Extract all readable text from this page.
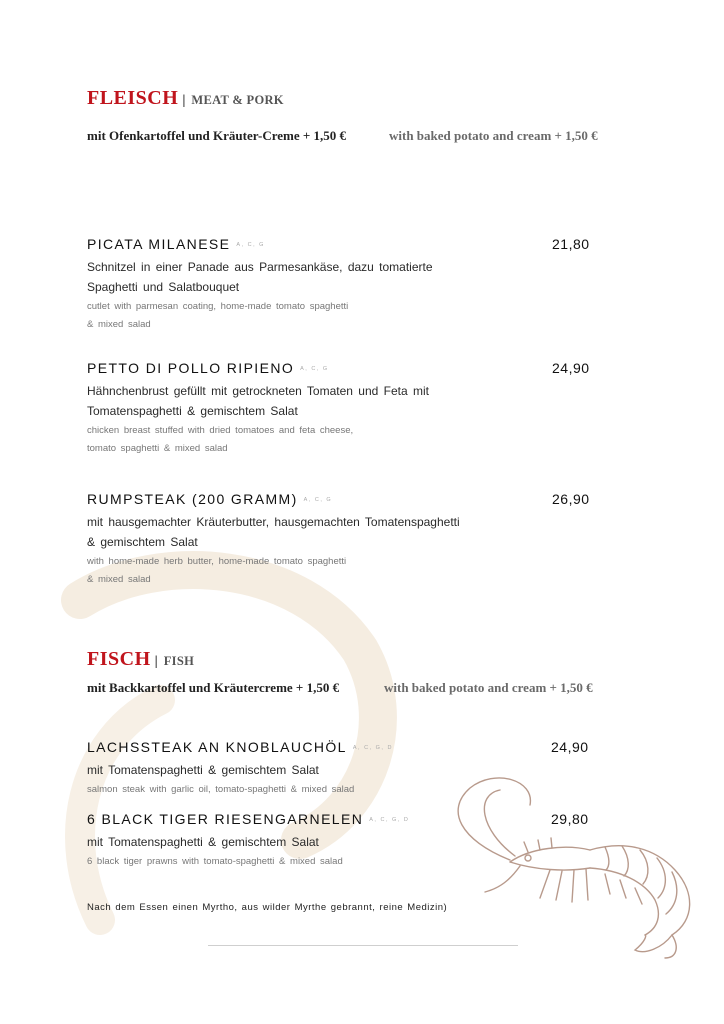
FLEISCH | MEAT & PORK
mit Ofenkartoffel und Kräuter-Creme + 1,50 €	with baked potato and cream + 1,50 €
PICATA MILANESE A, C, G	21,80
Schnitzel in einer Panade aus Parmesankäse, dazu tomatierte
Spaghetti und Salatbouquet
cutlet with parmesan coating, home-made tomato spaghetti
& mixed salad
PETTO DI POLLO RIPIENO A, C, G	24,90
Hähnchenbrust gefüllt mit getrockneten Tomaten und Feta mit
Tomatenspaghetti & gemischtem Salat
chicken breast stuffed with dried tomatoes and feta cheese,
tomato spaghetti & mixed salad
RUMPSTEAK (200 GRAMM) A, C, G	26,90
mit hausgemachter Kräuterbutter, hausgemachten Tomatenspaghetti
& gemischtem Salat
with home-made herb butter, home-made tomato spaghetti
& mixed salad
FISCH | FISH
mit Backkartoffel und Kräutercreme + 1,50 €	with baked potato and cream + 1,50 €
LACHSSTEAK AN KNOBLAUCHÖL A, C, G, D	24,90
mit Tomatenspaghetti & gemischtem Salat
salmon steak with garlic oil, tomato-spaghetti & mixed salad
6 BLACK TIGER RIESENGARNELEN A, C, G, D	29,80
mit Tomatenspaghetti & gemischtem Salat
6 black tiger prawns with tomato-spaghetti & mixed salad
Nach dem Essen einen Myrtho, aus wilder Myrthe gebrannt, reine Medizin)
